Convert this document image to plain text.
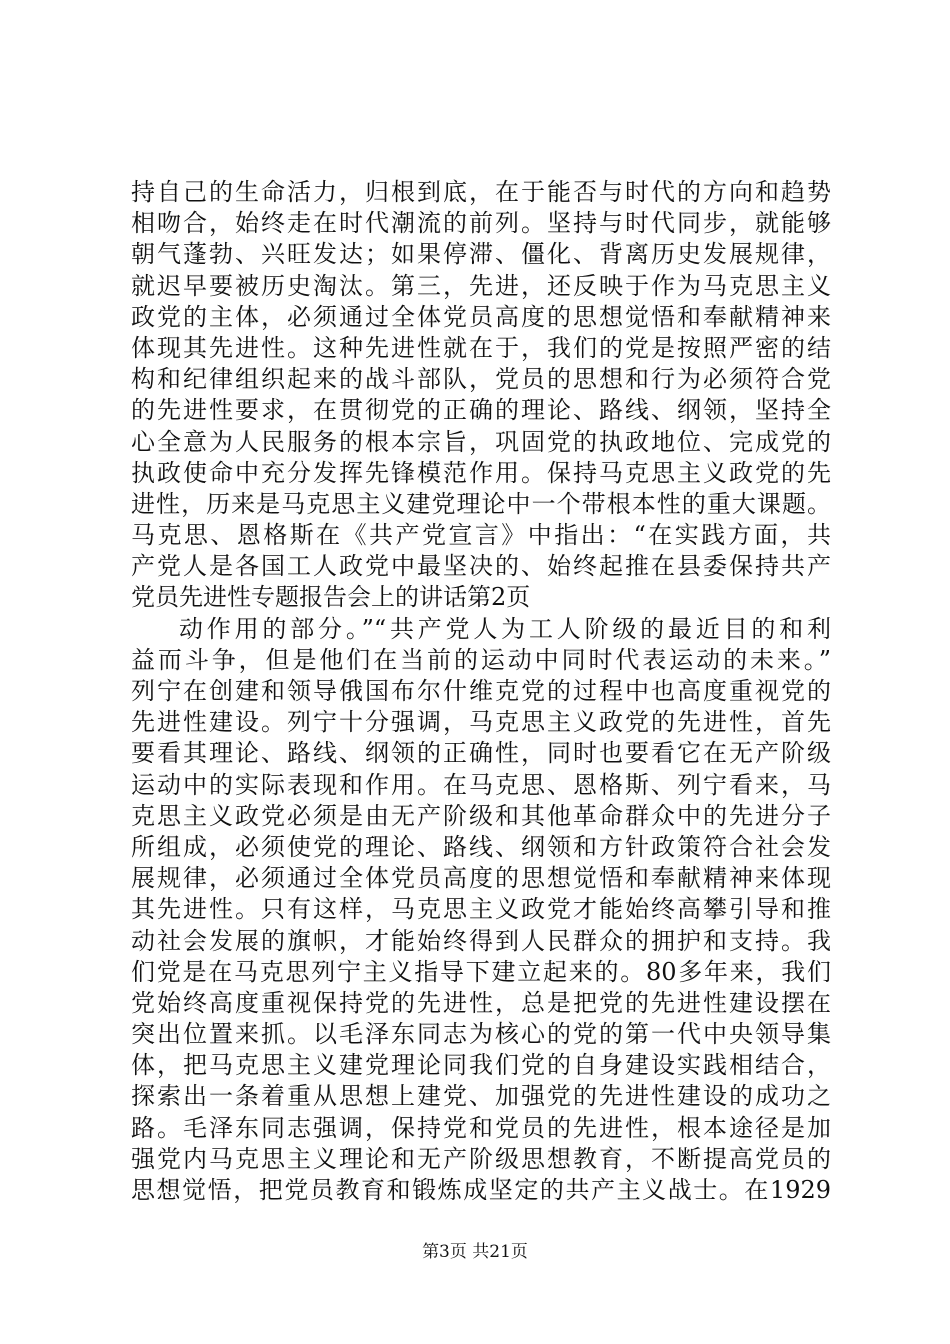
持自己的生命活力，归根到底，在于能否与时代的方向和趋势
相吻合，始终走在时代潮流的前列。坚持与时代同步，就能够
朝气蓬勃、兴旺发达；如果停滞、僵化、背离历史发展规律，
就迟早要被历史淘汰。第三，先进，还反映于作为马克思主义
政党的主体，必须通过全体党员高度的思想觉悟和奉献精神来
体现其先进性。这种先进性就在于，我们的党是按照严密的结
构和纪律组织起来的战斗部队，党员的思想和行为必须符合党
的先进性要求，在贯彻党的正确的理论、路线、纲领，坚持全
心全意为人民服务的根本宗旨，巩固党的执政地位、完成党的
执政使命中充分发挥先锋模范作用。保持马克思主义政党的先
进性，历来是马克思主义建党理论中一个带根本性的重大课题。
马克思、恩格斯在《共产党宣言》中指出：“在实践方面，共
产党人是各国工人政党中最坚决的、始终起推在县委保持共产
党员先进性专题报告会上的讲话第2页
动作用的部分。”“共产党人为工人阶级的最近目的和利
益而斗争，但是他们在当前的运动中同时代表运动的未来。”
列宁在创建和领导俄国布尔什维克党的过程中也高度重视党的
先进性建设。列宁十分强调，马克思主义政党的先进性，首先
要看其理论、路线、纲领的正确性，同时也要看它在无产阶级
运动中的实际表现和作用。在马克思、恩格斯、列宁看来，马
克思主义政党必须是由无产阶级和其他革命群众中的先进分子
所组成，必须使党的理论、路线、纲领和方针政策符合社会发
展规律，必须通过全体党员高度的思想觉悟和奉献精神来体现
其先进性。只有这样，马克思主义政党才能始终高攀引导和推
动社会发展的旗帜，才能始终得到人民群众的拥护和支持。我
们党是在马克思列宁主义指导下建立起来的。80多年来，我们
党始终高度重视保持党的先进性，总是把党的先进性建设摆在
突出位置来抓。以毛泽东同志为核心的党的第一代中央领导集
体，把马克思主义建党理论同我们党的自身建设实践相结合，
探索出一条着重从思想上建党、加强党的先进性建设的成功之
路。毛泽东同志强调，保持党和党员的先进性，根本途径是加
强党内马克思主义理论和无产阶级思想教育，不断提高党员的
思想觉悟，把党员教育和锻炼成坚定的共产主义战士。在1929
第3页 共21页
